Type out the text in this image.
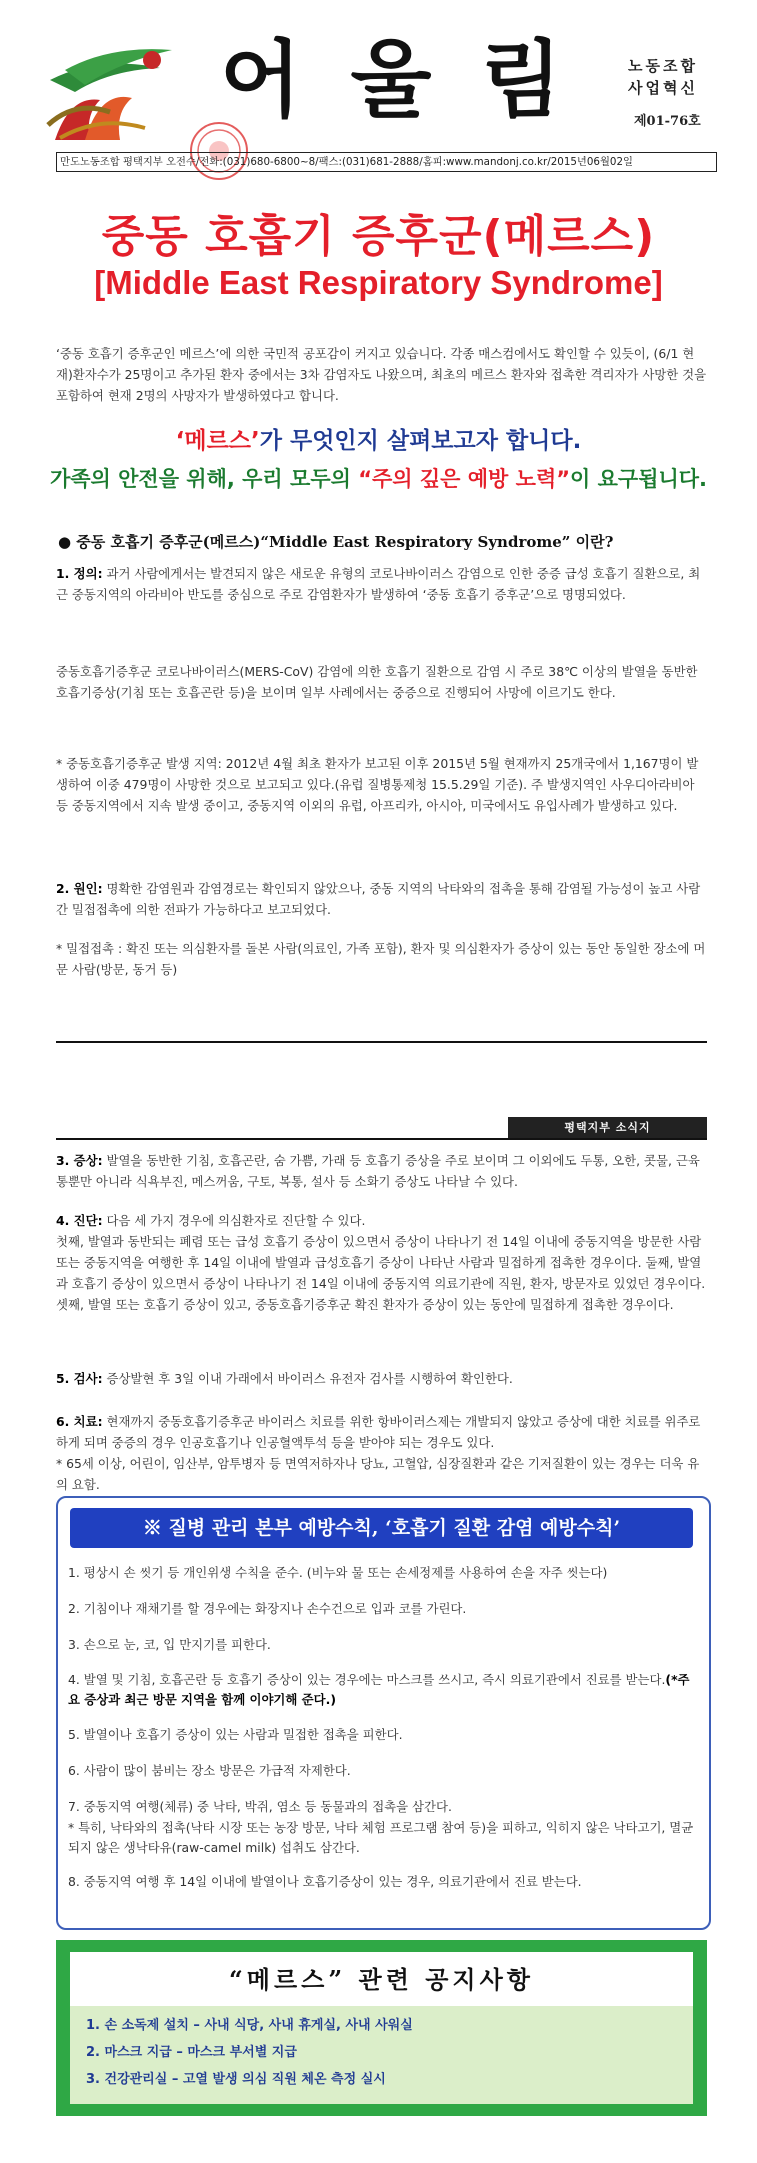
어 울 림	노동조합
사업혁신
제01-76호
만도노동조합 평택지부 오전수/전화:(031)680-6800~8/팩스:(031)681-2888/홈피:www.mandonj.co.kr/2015년06월02일
중동 호흡기 증후군(메르스)
[Middle East Respiratory Syndrome]
‘중동 호흡기 증후군인 메르스’에 의한 국민적 공포감이 커지고 있습니다. 각종 매스컴에서도 확인할 수 있듯이, (6/1 현재)환자수가 25명이고 추가된 환자 중에서는 3차 감염자도 나왔으며, 최초의 메르스 환자와 접촉한 격리자가 사망한 것을 포함하여 현재 2명의 사망자가 발생하였다고 합니다.
‘메르스’가 무엇인지 살펴보고자 합니다.
가족의 안전을 위해, 우리 모두의 “주의 깊은 예방 노력”이 요구됩니다.
● 중동 호흡기 증후군(메르스)“Middle East Respiratory Syndrome” 이란?
1. 정의: 과거 사람에게서는 발견되지 않은 새로운 유형의 코로나바이러스 감염으로 인한 중증 급성 호흡기 질환으로, 최근 중동지역의 아라비아 반도를 중심으로 주로 감염환자가 발생하여 ‘중동 호흡기 증후군’으로 명명되었다.
중동호흡기증후군 코로나바이러스(MERS-CoV) 감염에 의한 호흡기 질환으로 감염 시 주로 38℃ 이상의 발열을 동반한 호흡기증상(기침 또는 호흡곤란 등)을 보이며 일부 사례에서는 중증으로 진행되어 사망에 이르기도 한다.
* 중동호흡기증후군 발생 지역: 2012년 4월 최초 환자가 보고된 이후 2015년 5월 현재까지 25개국에서 1,167명이 발생하여 이중 479명이 사망한 것으로 보고되고 있다.(유럽 질병통제청 15.5.29일 기준). 주 발생지역인 사우디아라비아 등 중동지역에서 지속 발생 중이고, 중동지역 이외의 유럽, 아프리카, 아시아, 미국에서도 유입사례가 발생하고 있다.
2. 원인: 명확한 감염원과 감염경로는 확인되지 않았으나, 중동 지역의 낙타와의 접촉을 통해 감염될 가능성이 높고 사람 간 밀접접촉에 의한 전파가 가능하다고 보고되었다.
* 밀접접촉 : 확진 또는 의심환자를 돌본 사람(의료인, 가족 포함), 환자 및 의심환자가 증상이 있는 동안 동일한 장소에 머문 사람(방문, 동거 등)
평택지부 소식지
3. 증상: 발열을 동반한 기침, 호흡곤란, 숨 가쁨, 가래 등 호흡기 증상을 주로 보이며 그 이외에도 두통, 오한, 콧물, 근육통뿐만 아니라 식욕부진, 메스꺼움, 구토, 복통, 설사 등 소화기 증상도 나타날 수 있다.
4. 진단: 다음 세 가지 경우에 의심환자로 진단할 수 있다.
첫째, 발열과 동반되는 폐렴 또는 급성 호흡기 증상이 있으면서 증상이 나타나기 전 14일 이내에 중동지역을 방문한 사람 또는 중동지역을 여행한 후 14일 이내에 발열과 급성호흡기 증상이 나타난 사람과 밀접하게 접촉한 경우이다. 둘째, 발열과 호흡기 증상이 있으면서 증상이 나타나기 전 14일 이내에 중동지역 의료기관에 직원, 환자, 방문자로 있었던 경우이다. 셋째, 발열 또는 호흡기 증상이 있고, 중동호흡기증후군 확진 환자가 증상이 있는 동안에 밀접하게 접촉한 경우이다.
5. 검사: 증상발현 후 3일 이내 가래에서 바이러스 유전자 검사를 시행하여 확인한다.
6. 치료: 현재까지 중동호흡기증후군 바이러스 치료를 위한 항바이러스제는 개발되지 않았고 증상에 대한 치료를 위주로 하게 되며 중증의 경우 인공호흡기나 인공혈액투석 등을 받아야 되는 경우도 있다.
* 65세 이상, 어린이, 임산부, 암투병자 등 면역저하자나 당뇨, 고혈압, 심장질환과 같은 기저질환이 있는 경우는 더욱 유의 요함.
※ 질병 관리 본부 예방수칙, ‘호흡기 질환 감염 예방수칙’
1. 평상시 손 씻기 등 개인위생 수칙을 준수. (비누와 물 또는 손세정제를 사용하여 손을 자주 씻는다)
2. 기침이나 재채기를 할 경우에는 화장지나 손수건으로 입과 코를 가린다.
3. 손으로 눈, 코, 입 만지기를 피한다.
4. 발열 및 기침, 호흡곤란 등 호흡기 증상이 있는 경우에는 마스크를 쓰시고, 즉시 의료기관에서 진료를 받는다.(*주요 증상과 최근 방문 지역을 함께 이야기해 준다.)
5. 발열이나 호흡기 증상이 있는 사람과 밀접한 접촉을 피한다.
6. 사람이 많이 붐비는 장소 방문은 가급적 자제한다.
7. 중동지역 여행(체류) 중 낙타, 박쥐, 염소 등 동물과의 접촉을 삼간다.
* 특히, 낙타와의 접촉(낙타 시장 또는 농장 방문, 낙타 체험 프로그램 참여 등)을 피하고, 익히지 않은 낙타고기, 멸균되지 않은 생낙타유(raw-camel milk) 섭취도 삼간다.
8. 중동지역 여행 후 14일 이내에 발열이나 호흡기증상이 있는 경우, 의료기관에서 진료 받는다.
“메르스” 관련 공지사항
1. 손 소독제 설치 – 사내 식당, 사내 휴게실, 사내 사워실
2. 마스크 지급 – 마스크 부서별 지급
3. 건강관리실 – 고열 발생 의심 직원 체온 측정 실시
